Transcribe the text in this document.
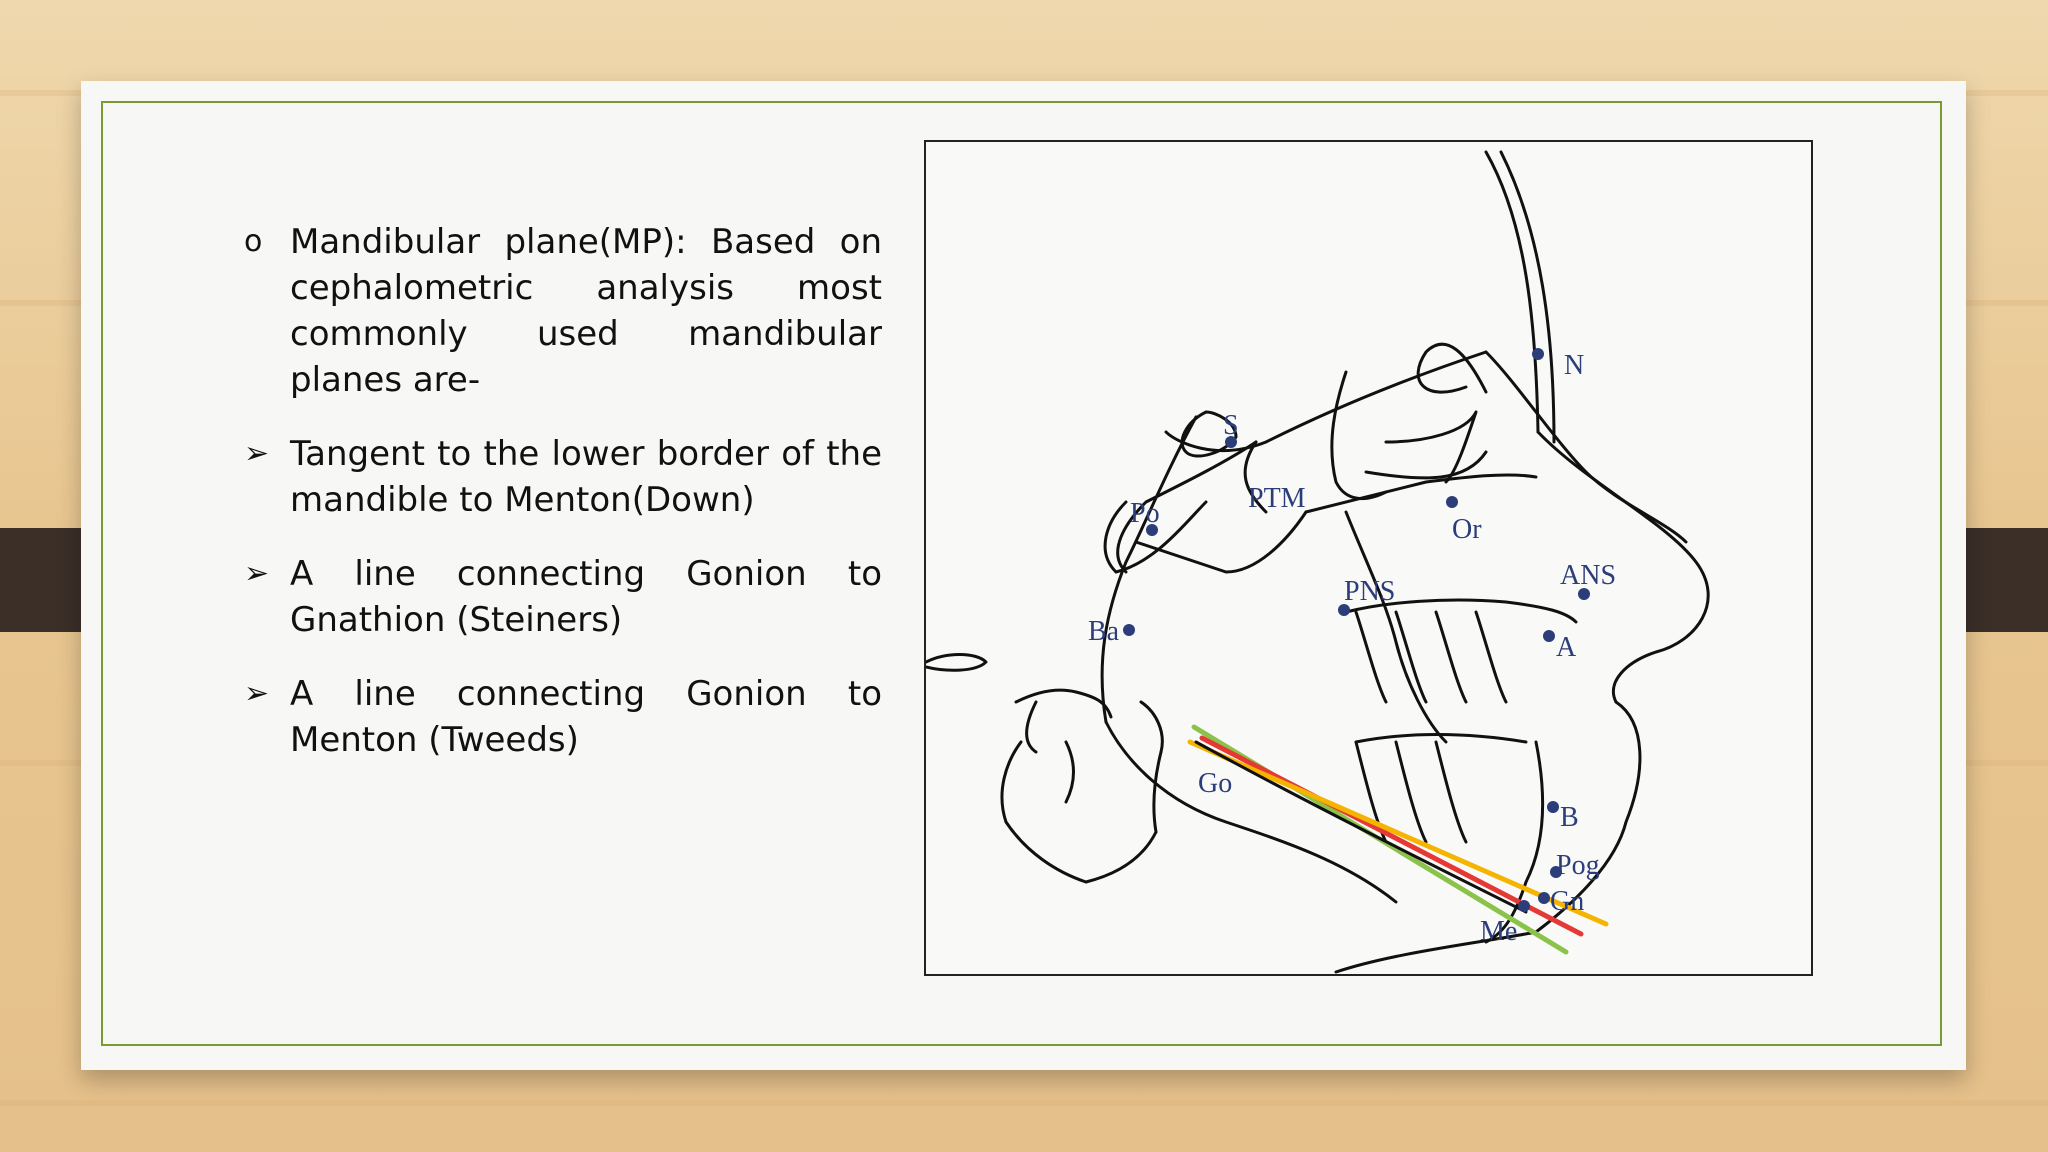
o Mandibular plane(MP): Based on cephalometric analysis most commonly used mandibular planes are-
➢ Tangent to the lower border of the mandible to Menton(Down)
➢ A line connecting Gonion to Gnathion (Steiners)
➢ A line connecting Gonion to Menton (Tweeds)
S
N
Po	PTM
Or
ANS
PNS
Ba
A
Go
B
Pog
Gn
Me
